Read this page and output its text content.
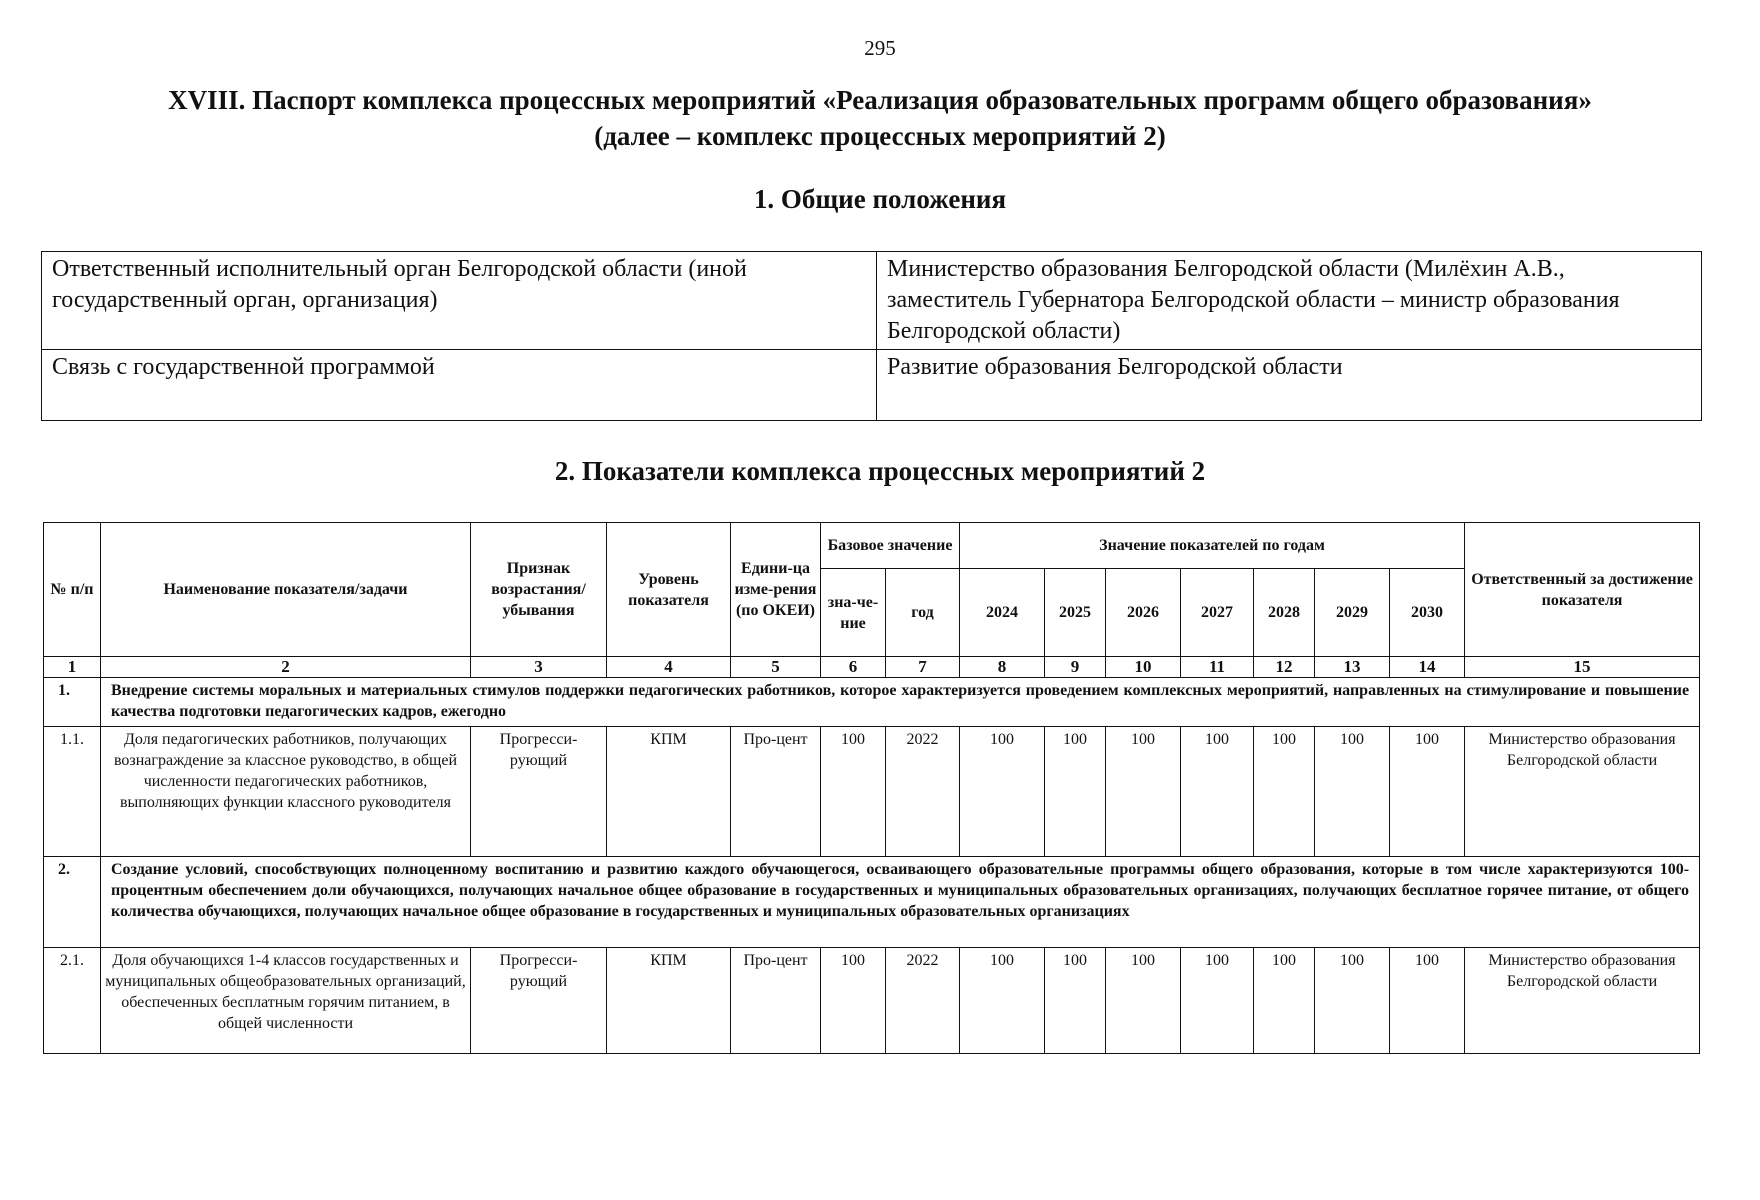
295
XVIII. Паспорт комплекса процессных мероприятий «Реализация образовательных программ общего образования»
(далее – комплекс процессных мероприятий 2)
1. Общие положения
Ответственный исполнительный орган Белгородской области (иной государственный орган, организация)	Министерство образования Белгородской области (Милёхин А.В., заместитель Губернатора Белгородской области – министр образования Белгородской области)
Связь с государственной программой	Развитие образования Белгородской области
2. Показатели комплекса процессных мероприятий 2
№ п/п	Наименование показателя/задачи	Признак возрастания/ убывания	Уровень показателя	Едини-ца изме-рения (по ОКЕИ)	Базовое значение		Значение показателей по годам							Ответственный за достижение показателя
					зна-че-ние	год	2024	2025	2026	2027	2028	2029	2030	
1	2	3	4	5	6	7	8	9	10	11	12	13	14	15
1.	Внедрение системы моральных и материальных стимулов поддержки педагогических работников, которое характеризуется проведением комплексных мероприятий, направленных на стимулирование и повышение качества подготовки педагогических кадров, ежегодно													
1.1.	Доля педагогических работников, получающих вознаграждение за классное руководство, в общей численности педагогических работников, выполняющих функции классного руководителя	Прогресси-рующий	КПМ	Про-цент	100	2022	100	100	100	100	100	100	100	Министерство образования Белгородской области
2.	Создание условий, способствующих полноценному воспитанию и развитию каждого обучающегося, осваивающего образовательные программы общего образования, которые в том числе характеризуются 100-процентным обеспечением доли обучающихся, получающих начальное общее образование в государственных и муниципальных образовательных организациях, получающих бесплатное горячее питание, от общего количества обучающихся, получающих начальное общее образование в государственных и муниципальных образовательных организациях													
2.1.	Доля обучающихся 1-4 классов государственных и муниципальных общеобразовательных организаций, обеспеченных бесплатным горячим питанием, в общей численности	Прогресси-рующий	КПМ	Про-цент	100	2022	100	100	100	100	100	100	100	Министерство образования Белгородской области
